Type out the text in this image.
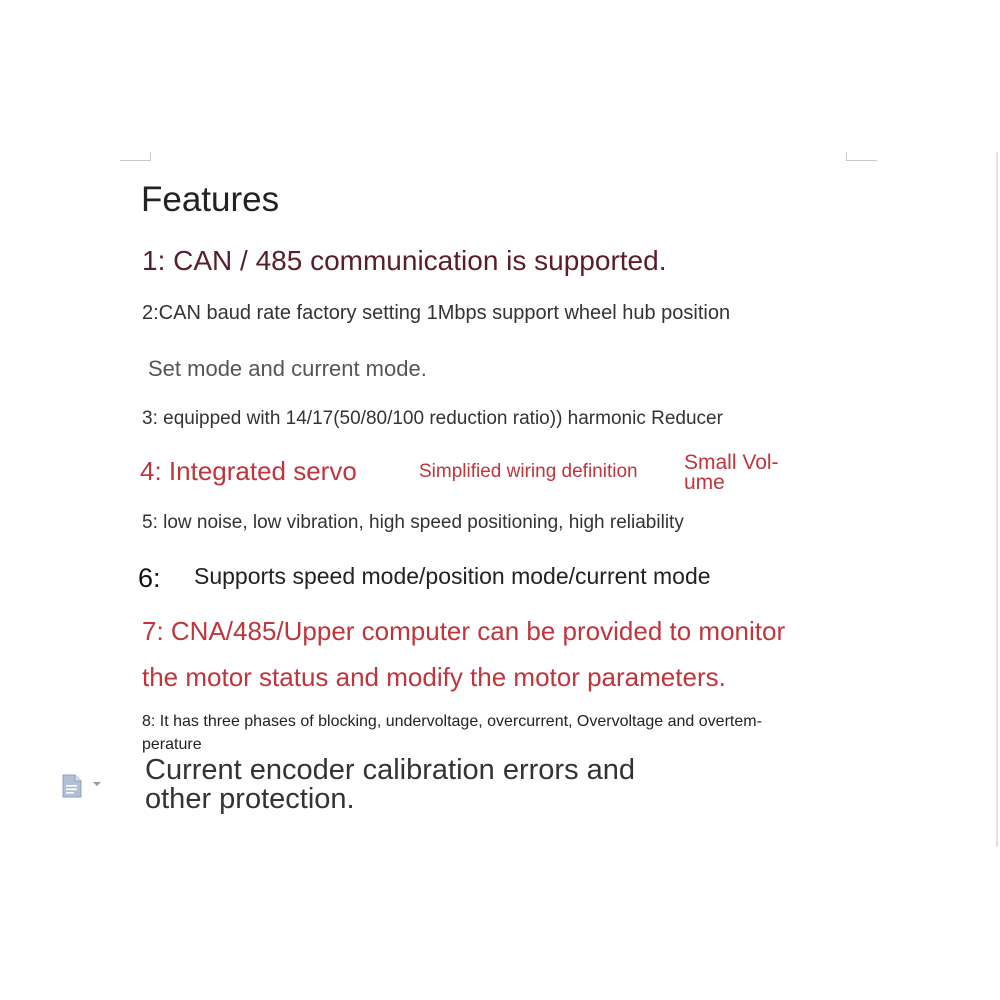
Features

1: CAN / 485 communication is supported.

2:CAN baud rate factory setting 1Mbps support wheel hub position

Set mode and current mode.

3: equipped with 14/17(50/80/100 reduction ratio)) harmonic Reducer

4: Integrated servo	Simplified wiring definition Small Vol-

ume

5: low noise, low vibration, high speed positioning, high reliability

6: Supports speed mode/position mode/current mode

7: CNA/485/Upper computer can be provided to monitor

the motor status and modify the motor parameters.

8: It has three phases of blocking, undervoltage, overcurrent, Overvoltage and overtem-

perature

Current encoder calibration errors and

other protection.
